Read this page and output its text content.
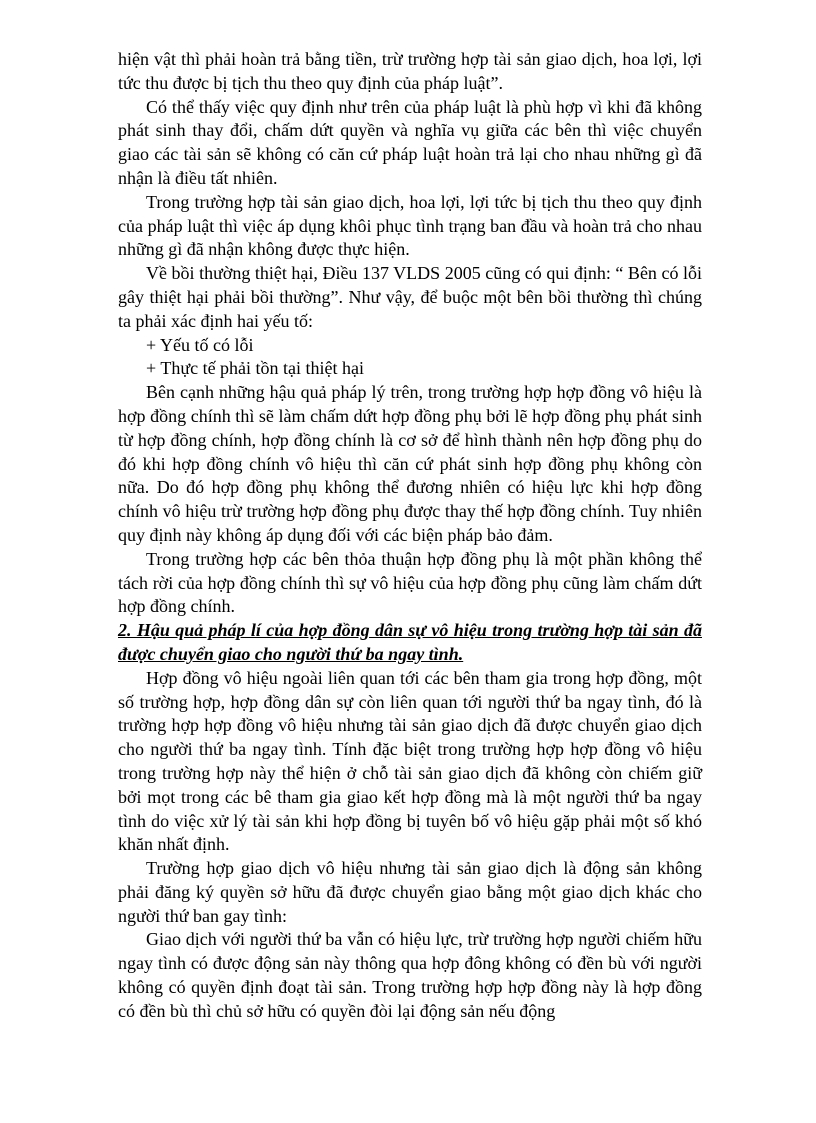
hiện vật thì phải hoàn trả bằng tiền, trừ trường hợp tài sản giao dịch, hoa lợi, lợi tức thu được bị tịch thu theo quy định của pháp luật”.

Có thể thấy việc quy định như trên của pháp luật là phù hợp vì khi đã không phát sinh thay đổi, chấm dứt quyền và nghĩa vụ giữa các bên thì việc chuyển giao các tài sản sẽ không có căn cứ pháp luật hoàn trả lại cho nhau những gì đã nhận là điều tất nhiên.

Trong trường hợp tài sản giao dịch, hoa lợi, lợi tức bị tịch thu theo quy định của pháp luật thì việc áp dụng khôi phục tình trạng ban đầu và hoàn trả cho nhau những gì đã nhận không được thực hiện.

Về bồi thường thiệt hại, Điều 137 VLDS 2005 cũng có qui định: “ Bên có lỗi gây thiệt hại phải bồi thường”. Như vậy, để buộc một bên bồi thường thì chúng ta phải xác định hai yếu tố:

+ Yếu tố có lỗi

+ Thực tế phải tồn tại thiệt hại

Bên cạnh những hậu quả pháp lý trên, trong trường hợp hợp đồng vô hiệu là hợp đồng chính thì sẽ làm chấm dứt hợp đồng phụ bởi lẽ hợp đồng phụ phát sinh từ hợp đồng chính, hợp đồng chính là cơ sở để hình thành nên hợp đồng phụ do đó khi hợp đồng chính vô hiệu thì căn cứ phát sinh hợp đồng phụ không còn nữa. Do đó hợp đồng phụ không thể đương nhiên có hiệu lực khi hợp đồng chính vô hiệu trừ trường hợp đồng phụ được thay thế hợp đồng chính. Tuy nhiên quy định này không áp dụng đối với các biện pháp bảo đảm.

Trong trường hợp các bên thỏa thuận hợp đồng phụ là một phần không thể tách rời của hợp đồng chính thì sự vô hiệu của hợp đồng phụ cũng làm chấm dứt hợp đồng chính.

2. Hậu quả pháp lí của hợp đồng dân sự vô hiệu trong trường hợp tài sản đã được chuyển giao cho người thứ ba ngay tình.

Hợp đồng vô hiệu ngoài liên quan tới các bên tham gia trong hợp đồng, một số trường hợp, hợp đồng dân sự còn liên quan tới người thứ ba ngay tình, đó là trường hợp hợp đồng vô hiệu nhưng tài sản giao dịch đã được chuyển giao dịch cho người thứ ba ngay tình. Tính đặc biệt trong trường hợp hợp đồng vô hiệu trong trường hợp này thể hiện ở chỗ tài sản giao dịch đã không còn chiếm giữ bởi mọt trong các bê tham gia giao kết hợp đồng mà là một người thứ ba ngay tình do việc xử lý tài sản khi hợp đồng bị tuyên bố vô hiệu gặp phải một số khó khăn nhất định.

Trường hợp giao dịch vô hiệu nhưng tài sản giao dịch là động sản không phải đăng ký quyền sở hữu đã được chuyển giao bằng một giao dịch khác cho người thứ ban gay tình:

Giao dịch với người thứ ba vẫn có hiệu lực, trừ trường hợp người chiếm hữu ngay tình có được động sản này thông qua hợp đông không có đền bù với người không có quyền định đoạt tài sản. Trong trường hợp hợp đồng này là hợp đồng có đền bù thì chủ sở hữu có quyền đòi lại động sản nếu động
